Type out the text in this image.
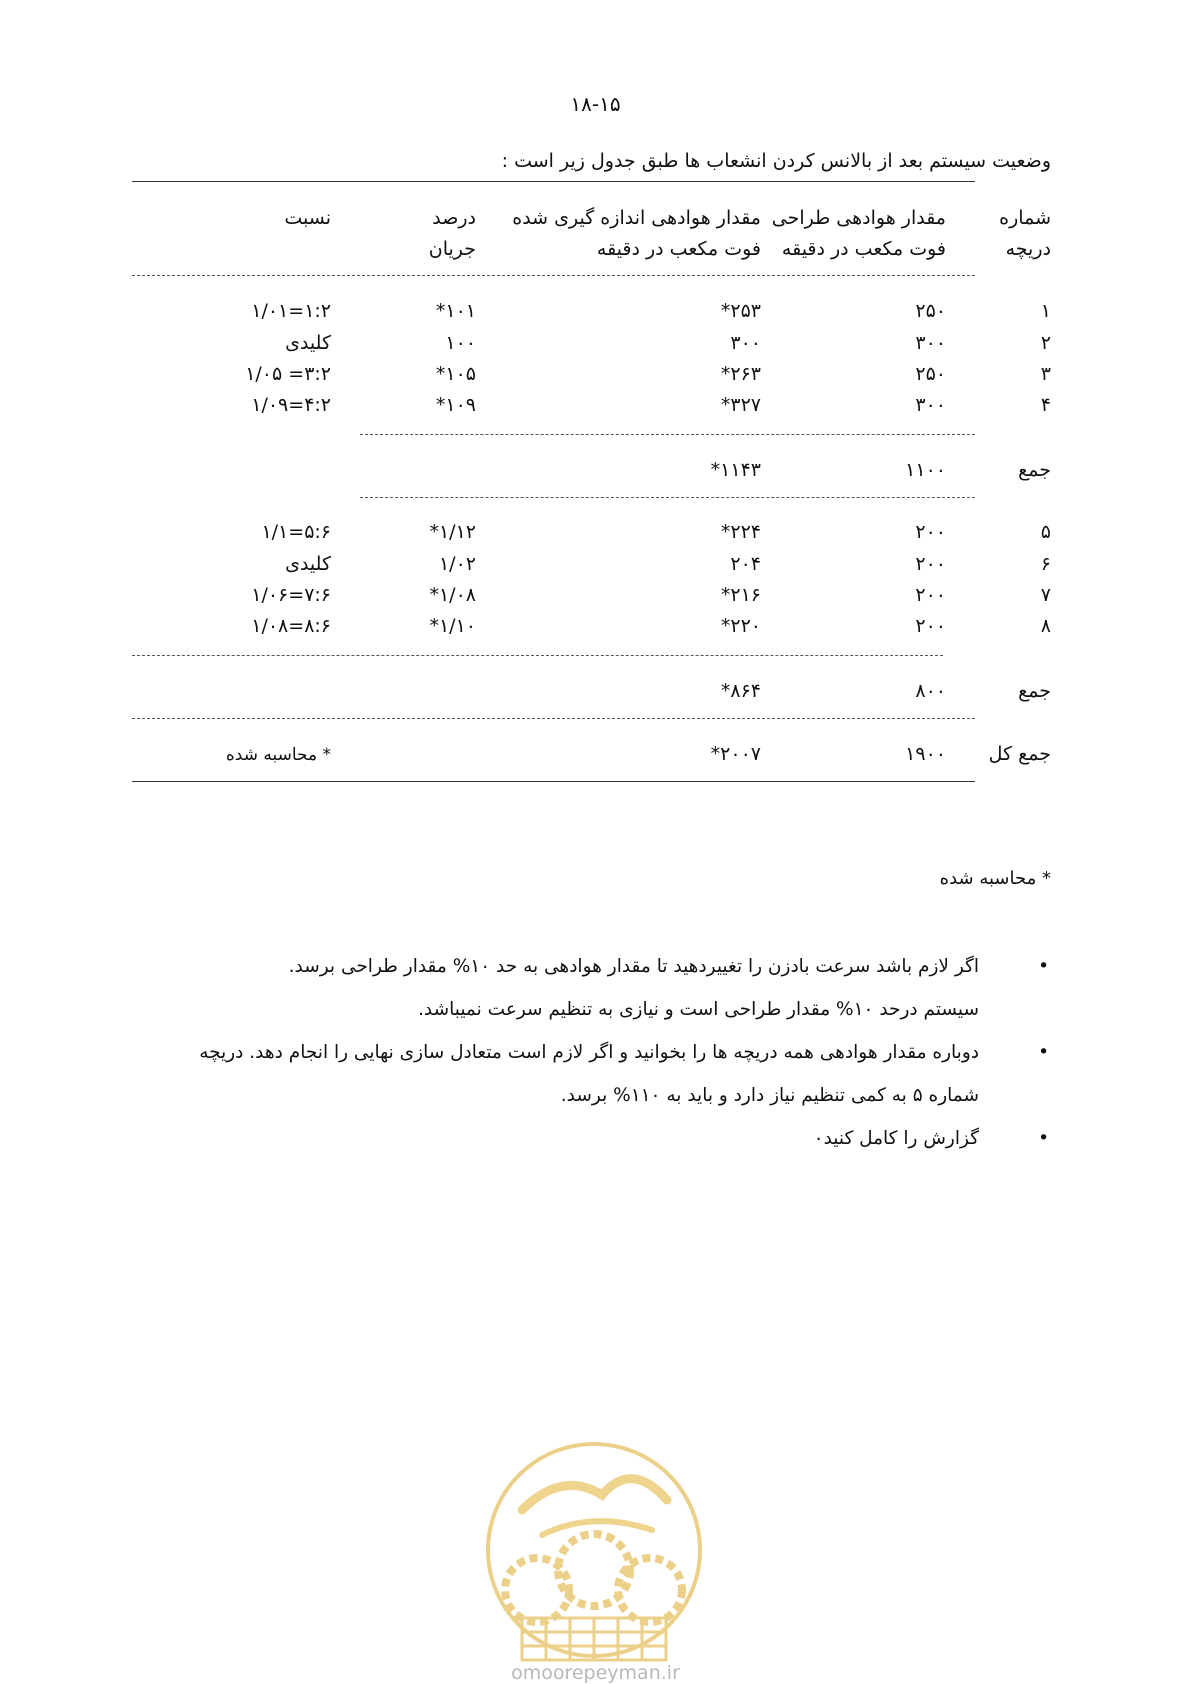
۱۸-۱۵
وضعیت سیستم بعد از بالانس کردن انشعاب ها طبق جدول زیر است :
شماره
دریچه
مقدار هوادهی طراحی
فوت مکعب در دقیقه
مقدار هوادهی اندازه گیری شده
فوت مکعب در دقیقه
درصد
جریان
نسبت
۱
۲۵۰
۲۵۳*
۱۰۱*
۱:۲=۱/۰۱
۲
۳۰۰
۳۰۰
۱۰۰
کلیدی
۳
۲۵۰
۲۶۳*
۱۰۵*
۳:۲= ۱/۰۵
۴
۳۰۰
۳۲۷*
۱۰۹*
۴:۲=۱/۰۹
جمع
۱۱۰۰
۱۱۴۳*
۵
۲۰۰
۲۲۴*
۱/۱۲*
۵:۶=۱/۱
۶
۲۰۰
۲۰۴
۱/۰۲
کلیدی
۷
۲۰۰
۲۱۶*
۱/۰۸*
۷:۶=۱/۰۶
۸
۲۰۰
۲۲۰*
۱/۱۰*
۸:۶=۱/۰۸
جمع
۸۰۰
۸۶۴*
جمع کل
۱۹۰۰
۲۰۰۷*
* محاسبه شده
* محاسبه شده
•
اگر لازم باشد سرعت بادزن را تغییردهید تا مقدار هوادهی به حد ۱۰% مقدار طراحی برسد.
سیستم درحد ۱۰% مقدار طراحی است و نیازی به تنظیم سرعت نمیباشد.
•
دوباره مقدار هوادهی همه دریچه ها را بخوانید و اگر لازم است متعادل سازی نهایی را انجام دهد. دریچه
شماره ۵ به کمی تنظیم نیاز دارد و باید به ۱۱۰% برسد.
•
گزارش را کامل کنید٠
omoorepeyman.ir
